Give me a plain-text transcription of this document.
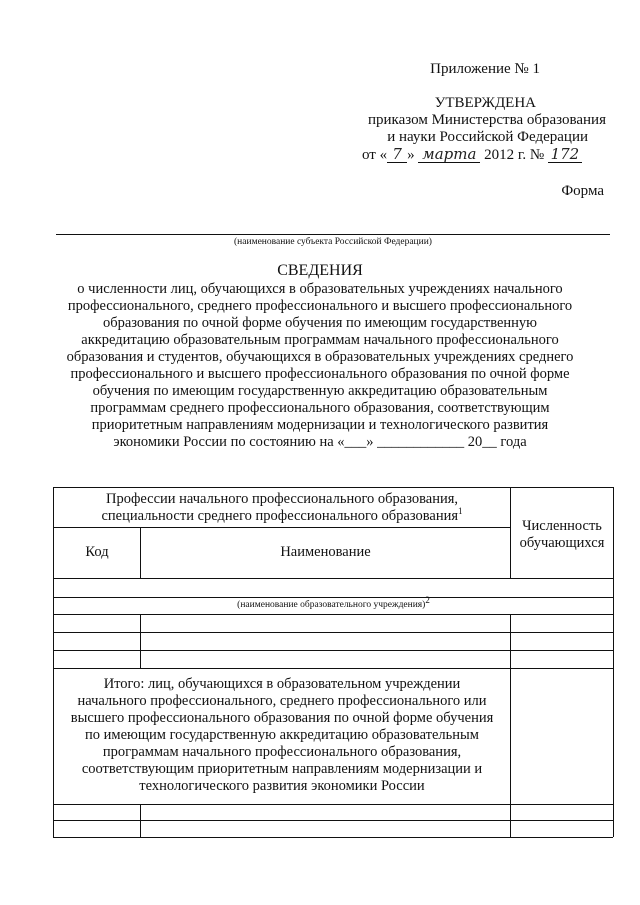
Приложение № 1
УТВЕРЖДЕНА
приказом Министерства образования
и науки Российской Федерации
от « 7 » марта 2012 г. № 172
Форма
(наименование субъекта Российской Федерации)
СВЕДЕНИЯ
о численности лиц, обучающихся в образовательных учреждениях начального
профессионального, среднего профессионального и высшего профессионального
образования по очной форме обучения по имеющим государственную
аккредитацию образовательным программам начального профессионального
образования и студентов, обучающихся в образовательных учреждениях среднего
профессионального и высшего профессионального образования по очной форме
обучения по имеющим государственную аккредитацию образовательным
программам среднего профессионального образования, соответствующим
приоритетным направлениям модернизации и технологического развития
экономики России по состоянию на «___» ____________ 20__ года
Профессии начального профессионального образования,
специальности среднего профессионального образования$^1$
Численность
обучающихся
Код	Наименование
(наименование образовательного учреждения)2
Итого: лиц, обучающихся в образовательном учреждении
начального профессионального, среднего профессионального или
высшего профессионального образования по очной форме обучения
по имеющим государственную аккредитацию образовательным
программам начального профессионального образования,
соответствующим приоритетным направлениям модернизации и
технологического развития экономики России
